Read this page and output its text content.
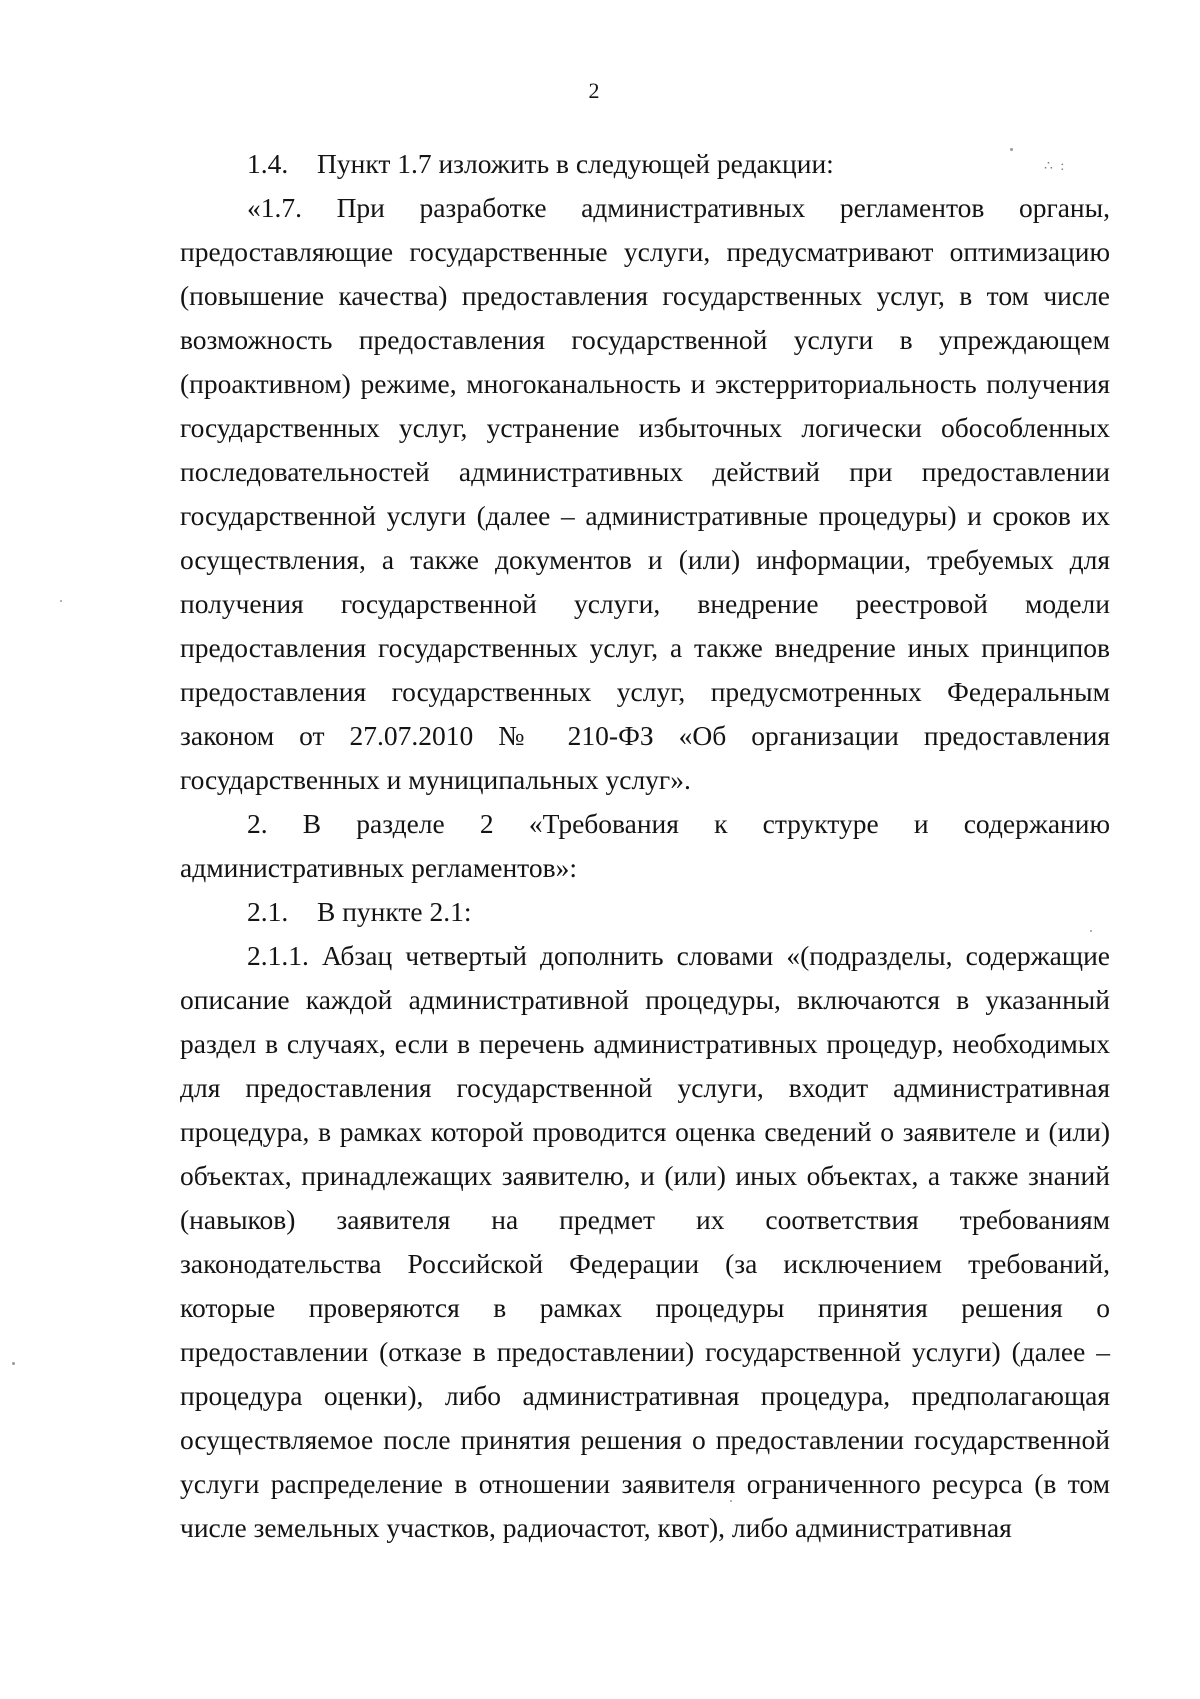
2
∴ :

1.4. Пункт 1.7 изложить в следующей редакции:

«1.7. При разработке административных регламентов органы, предоставляющие государственные услуги, предусматривают оптимизацию (повышение качества) предоставления государственных услуг, в том числе возможность предоставления государственной услуги в упреждающем (проактивном) режиме, многоканальность и экстерриториальность получения государственных услуг, устранение избыточных логически обособленных последовательностей административных действий при предоставлении государственной услуги (далее – административные процедуры) и сроков их осуществления, а также документов и (или) информации, требуемых для получения государственной услуги, внедрение реестровой модели предоставления государственных услуг, а также внедрение иных принципов предоставления государственных услуг, предусмотренных Федеральным законом от 27.07.2010 № 210-ФЗ «Об организации предоставления государственных и муниципальных услуг».

2. В разделе 2 «Требования к структуре и содержанию административных регламентов»:

2.1. В пункте 2.1:

2.1.1. Абзац четвертый дополнить словами «(подразделы, содержащие описание каждой административной процедуры, включаются в указанный раздел в случаях, если в перечень административных процедур, необходимых для предоставления государственной услуги, входит административная процедура, в рамках которой проводится оценка сведений о заявителе и (или) объектах, принадлежащих заявителю, и (или) иных объектах, а также знаний (навыков) заявителя на предмет их соответствия требованиям законодательства Российской Федерации (за исключением требований, которые проверяются в рамках процедуры принятия решения о предоставлении (отказе в предоставлении) государственной услуги) (далее – процедура оценки), либо административная процедура, предполагающая осуществляемое после принятия решения о предоставлении государственной услуги распределение в отношении заявителя ограниченного ресурса (в том числе земельных участков, радиочастот, квот), либо административная
